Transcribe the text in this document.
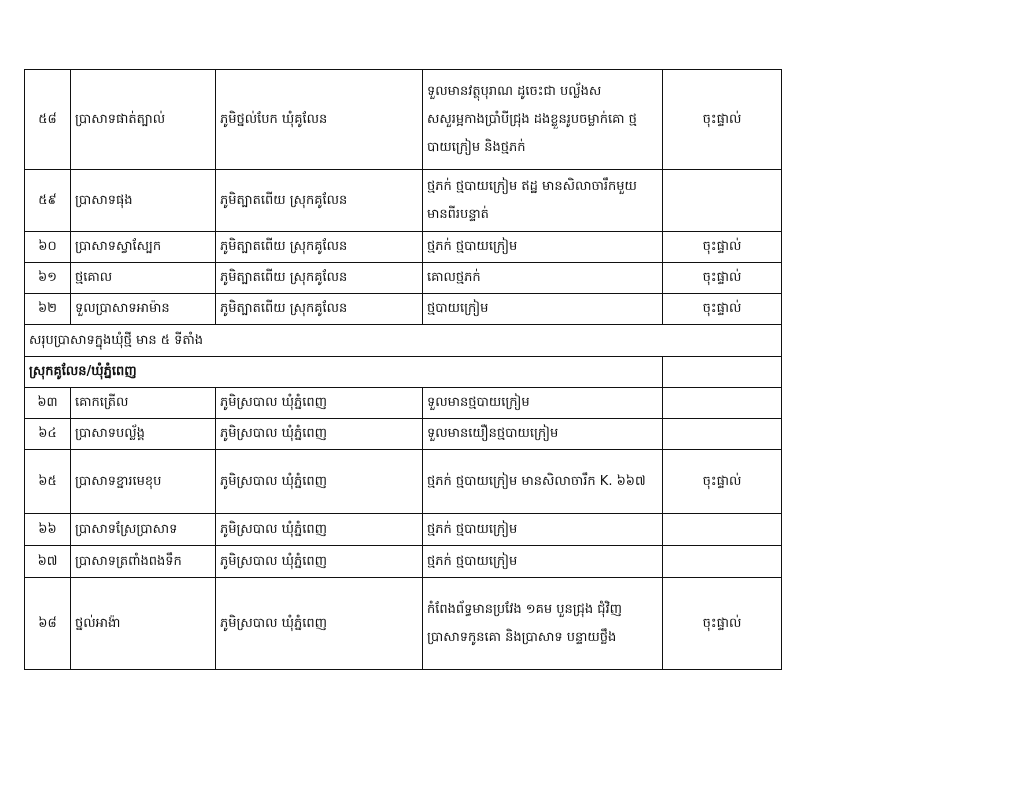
៥៨	ប្រាសាទផាត់ត្បាល់	ភូមិថ្នល់បែក ឃុំគូលែន	ទួលមានវត្ថុបុរាណ ដូចេះជា បល្ល័ងសសសួរម្អកាងប្រាំបីជ្រុង ដងខ្លួនរូបចម្លាក់គោ ថ្មបាយក្រៀម និងថ្មភក់	ចុះផ្ទាល់
៥៩	ប្រាសាទផុង	ភូមិត្បាតពើយ ស្រុកគូលែន	ថ្មភក់ ថ្មបាយក្រៀម ឥដ្ឋ មានសិលាចារឹកមួយ មានពីរបន្ទាត់	
៦០	ប្រាសាទស្វាស្បែក	ភូមិត្បាតពើយ ស្រុកគូលែន	ថ្មភក់ ថ្មបាយក្រៀម	ចុះផ្ទាល់
៦១	ថ្មគោល	ភូមិត្បាតពើយ ស្រុកគូលែន	គោលថ្មភក់	ចុះផ្ទាល់
៦២	ទួលប្រាសាទអាម៉ាន	ភូមិត្បាតពើយ ស្រុកគូលែន	ថ្មបាយក្រៀម	ចុះផ្ទាល់
សរុបប្រាសាទក្នុងឃុំថ្មី មាន ៥ ទីតាំង				
ស្រុកគូលែន/ឃុំភ្នំពេញ				
៦៣	គោកត្រើល	ភូមិស្របាល ឃុំភ្នំពេញ	ទួលមានថ្មបាយក្រៀម	
៦៤	ប្រាសាទបល្ល័ង្គ	ភូមិស្របាល ឃុំភ្នំពេញ	ទួលមានយឿនថ្មបាយក្រៀម	
៦៥	ប្រាសាទខ្នារមេខុប	ភូមិស្របាល ឃុំភ្នំពេញ	ថ្មភក់ ថ្មបាយក្រៀម មានសិលាចារឹក K. ៦៦៧	ចុះផ្ទាល់
៦៦	ប្រាសាទស្រែប្រាសាទ	ភូមិស្របាល ឃុំភ្នំពេញ	ថ្មភក់ ថ្មបាយក្រៀម	
៦៧	ប្រាសាទត្រពាំងពងទឹក	ភូមិស្របាល ឃុំភ្នំពេញ	ថ្មភក់ ថ្មបាយក្រៀម	
៦៨	ថ្នល់អាង៉ា	ភូមិស្របាល ឃុំភ្នំពេញ	កំពែងព័ទ្ធមានប្រវែង ១គម បួនជ្រុង ជុំវិញប្រាសាទកូនគោ និងប្រាសាទ បន្ទាយថ្លឹង	ចុះផ្ទាល់
